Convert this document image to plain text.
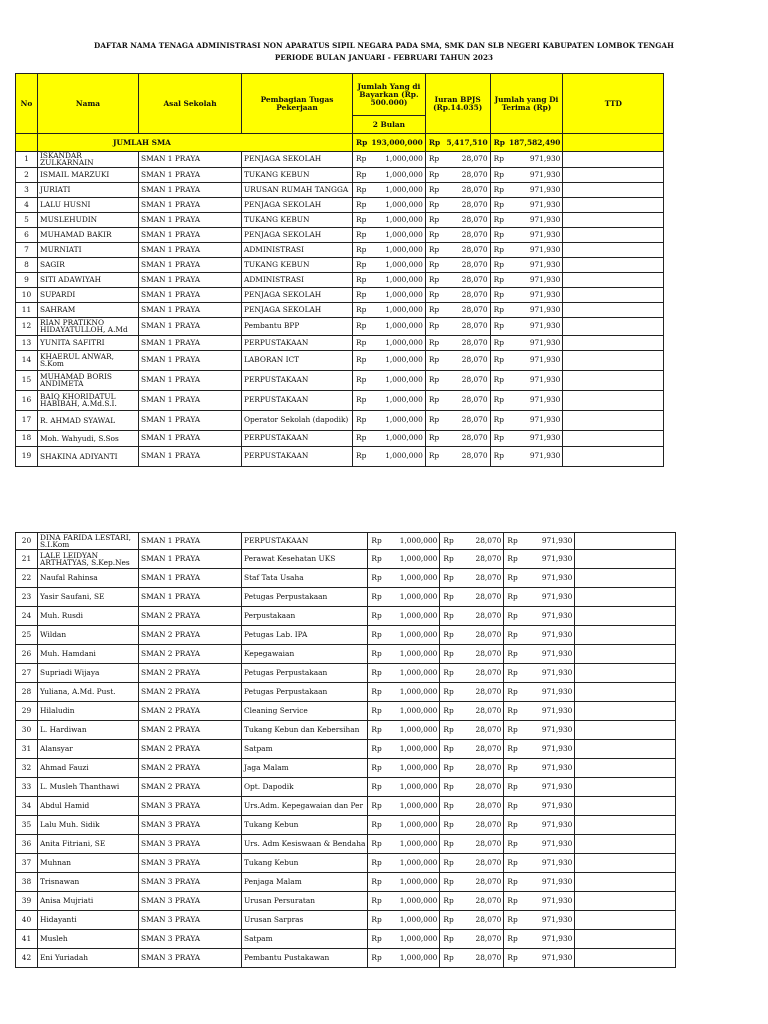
DAFTAR NAMA TENAGA ADMINISTRASI NON APARATUS SIPIL NEGARA PADA SMA, SMK DAN SLB NEGERI KABUPATEN LOMBOK TENGAH
PERIODE BULAN JANUARI - FEBRUARI TAHUN 2023
No	Nama	Asal Sekolah	Pembagian Tugas Pekerjaan	Jumlah Yang di Bayarkan (Rp. 500.000)		Iuran BPJS (Rp.14.035)		Jumlah yang Di Terima (Rp)		TTD
				2 Bulan						
	JUMLAH SMA			Rp	193,000,000	Rp	5,417,510	Rp	187,582,490	
1	ISKANDAR ZULKARNAIN	SMAN 1 PRAYA	PENJAGA SEKOLAH	Rp	1,000,000	Rp	28,070	Rp	971,930	
2	ISMAIL MARZUKI	SMAN 1 PRAYA	TUKANG KEBUN	Rp	1,000,000	Rp	28,070	Rp	971,930	
3	JURIATI	SMAN 1 PRAYA	URUSAN RUMAH TANGGA	Rp	1,000,000	Rp	28,070	Rp	971,930	
4	LALU HUSNI	SMAN 1 PRAYA	PENJAGA SEKOLAH	Rp	1,000,000	Rp	28,070	Rp	971,930	
5	MUSLEHUDIN	SMAN 1 PRAYA	TUKANG KEBUN	Rp	1,000,000	Rp	28,070	Rp	971,930	
6	MUHAMAD BAKIR	SMAN 1 PRAYA	PENJAGA SEKOLAH	Rp	1,000,000	Rp	28,070	Rp	971,930	
7	MURNIATI	SMAN 1 PRAYA	ADMINISTRASI	Rp	1,000,000	Rp	28,070	Rp	971,930	
8	SAGIR	SMAN 1 PRAYA	TUKANG KEBUN	Rp	1,000,000	Rp	28,070	Rp	971,930	
9	SITI ADAWIYAH	SMAN 1 PRAYA	ADMINISTRASI	Rp	1,000,000	Rp	28,070	Rp	971,930	
10	SUPARDI	SMAN 1 PRAYA	PENJAGA SEKOLAH	Rp	1,000,000	Rp	28,070	Rp	971,930	
11	SAHRAM	SMAN 1 PRAYA	PENJAGA SEKOLAH	Rp	1,000,000	Rp	28,070	Rp	971,930	
12	RIAN PRATIKNO HIDAYATULLOH, A.Md	SMAN 1 PRAYA	Pembantu BPP	Rp	1,000,000	Rp	28,070	Rp	971,930	
13	YUNITA SAFITRI	SMAN 1 PRAYA	PERPUSTAKAAN	Rp	1,000,000	Rp	28,070	Rp	971,930	
14	KHAERUL ANWAR, S.Kom	SMAN 1 PRAYA	LABORAN ICT	Rp	1,000,000	Rp	28,070	Rp	971,930	
15	MUHAMAD BORIS ANDIMETA	SMAN 1 PRAYA	PERPUSTAKAAN	Rp	1,000,000	Rp	28,070	Rp	971,930	
16	BAIQ KHORIDATUL HABIBAH, A.Md.S.I.	SMAN 1 PRAYA	PERPUSTAKAAN	Rp	1,000,000	Rp	28,070	Rp	971,930	
17	R. AHMAD SYAWAL	SMAN 1 PRAYA	Operator Sekolah (dapodik)	Rp	1,000,000	Rp	28,070	Rp	971,930	
18	Moh. Wahyudi, S.Sos	SMAN 1 PRAYA	PERPUSTAKAAN	Rp	1,000,000	Rp	28,070	Rp	971,930	
19	SHAKINA ADIYANTI	SMAN 1 PRAYA	PERPUSTAKAAN	Rp	1,000,000	Rp	28,070	Rp	971,930	
20	DINA FARIDA LESTARI, S.I.Kom	SMAN 1 PRAYA	PERPUSTAKAAN	Rp	1,000,000	Rp	28,070	Rp	971,930	
21	LALE LEIDYAN ARTHATYAS, S.Kep.Nes	SMAN 1 PRAYA	Perawat Kesehatan UKS	Rp	1,000,000	Rp	28,070	Rp	971,930	
22	Naufal Rahinsa	SMAN 1 PRAYA	Staf Tata Usaha	Rp	1,000,000	Rp	28,070	Rp	971,930	
23	Yasir Saufani, SE	SMAN 1 PRAYA	Petugas Perpustakaan	Rp	1,000,000	Rp	28,070	Rp	971,930	
24	Muh. Rusdi	SMAN 2 PRAYA	Perpustakaan	Rp	1,000,000	Rp	28,070	Rp	971,930	
25	Wildan	SMAN 2 PRAYA	Petugas Lab. IPA	Rp	1,000,000	Rp	28,070	Rp	971,930	
26	Muh. Hamdani	SMAN 2 PRAYA	Kepegawaian	Rp	1,000,000	Rp	28,070	Rp	971,930	
27	Supriadi Wijaya	SMAN 2 PRAYA	Petugas Perpustakaan	Rp	1,000,000	Rp	28,070	Rp	971,930	
28	Yuliana, A.Md. Pust.	SMAN 2 PRAYA	Petugas Perpustakaan	Rp	1,000,000	Rp	28,070	Rp	971,930	
29	Hilaludin	SMAN 2 PRAYA	Cleaning Service	Rp	1,000,000	Rp	28,070	Rp	971,930	
30	L. Hardiwan	SMAN 2 PRAYA	Tukang Kebun dan Kebersihan	Rp	1,000,000	Rp	28,070	Rp	971,930	
31	Alansyar	SMAN 2 PRAYA	Satpam	Rp	1,000,000	Rp	28,070	Rp	971,930	
32	Ahmad Fauzi	SMAN 2 PRAYA	Jaga Malam	Rp	1,000,000	Rp	28,070	Rp	971,930	
33	L. Musleh Thanthawi	SMAN 2 PRAYA	Opt. Dapodik	Rp	1,000,000	Rp	28,070	Rp	971,930	
34	Abdul Hamid	SMAN 3 PRAYA	Urs.Adm. Kepegawaian dan Per	Rp	1,000,000	Rp	28,070	Rp	971,930	
35	Lalu Muh. Sidik	SMAN 3 PRAYA	Tukang Kebun	Rp	1,000,000	Rp	28,070	Rp	971,930	
36	Anita Fitriani, SE	SMAN 3 PRAYA	Urs. Adm Kesiswaan & Bendaha	Rp	1,000,000	Rp	28,070	Rp	971,930	
37	Muhnan	SMAN 3 PRAYA	Tukang Kebun	Rp	1,000,000	Rp	28,070	Rp	971,930	
38	Trisnawan	SMAN 3 PRAYA	Penjaga Malam	Rp	1,000,000	Rp	28,070	Rp	971,930	
39	Anisa Mujriati	SMAN 3 PRAYA	Urusan Persuratan	Rp	1,000,000	Rp	28,070	Rp	971,930	
40	Hidayanti	SMAN 3 PRAYA	Urusan Sarpras	Rp	1,000,000	Rp	28,070	Rp	971,930	
41	Musleh	SMAN 3 PRAYA	Satpam	Rp	1,000,000	Rp	28,070	Rp	971,930	
42	Eni Yuriadah	SMAN 3 PRAYA	Pembantu Pustakawan	Rp	1,000,000	Rp	28,070	Rp	971,930	
